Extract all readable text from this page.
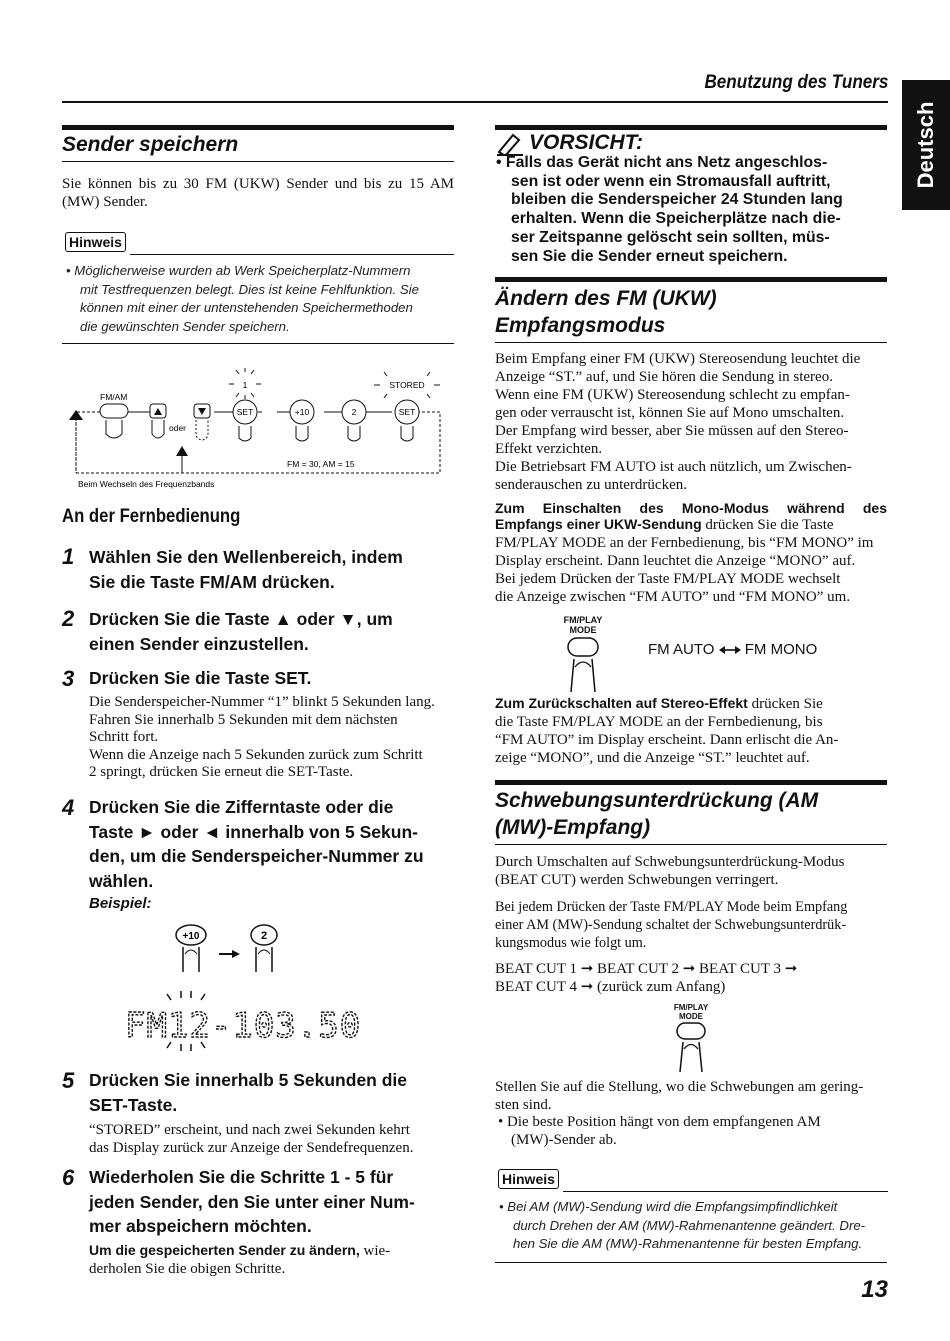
Benutzung des Tuners
Deutsch
Sender speichern
Sie können bis zu 30 FM (UKW) Sender und bis zu 15 AM (MW) Sender.
Hinweis
• Möglicherweise wurden ab Werk Speicherplatz-Nummern
mit Testfrequenzen belegt. Dies ist keine Fehlfunktion. Sie
können mit einer der untenstehenden Speichermethoden
die gewünschten Sender speichern.
FM/AM
oder
1	STORED
SET	+10	2	SET
FM = 30, AM = 15
Beim Wechseln des Frequenzbands
An der Fernbedienung
1 Wählen Sie den Wellenbereich, indem
Sie die Taste FM/AM drücken.
2 Drücken Sie die Taste ▲ oder ▼, um
einen Sender einzustellen.
3 Drücken Sie die Taste SET.
Die Senderspeicher-Nummer “1” blinkt 5 Sekunden lang.
Fahren Sie innerhalb 5 Sekunden mit dem nächsten
Schritt fort.
Wenn die Anzeige nach 5 Sekunden zurück zum Schritt
2 springt, drücken Sie erneut die SET-Taste.
4 Drücken Sie die Zifferntaste oder die
Taste ► oder ◄ innerhalb von 5 Sekun-
den, um die Senderspeicher-Nummer zu
wählen.
Beispiel:
+10	2
FM12-103.50
5 Drücken Sie innerhalb 5 Sekunden die
SET-Taste.
“STORED” erscheint, und nach zwei Sekunden kehrt
das Display zurück zur Anzeige der Sendefrequenzen.
6 Wiederholen Sie die Schritte 1 - 5 für
jeden Sender, den Sie unter einer Num-
mer abspeichern möchten.
Um die gespeicherten Sender zu ändern, wie-
derholen Sie die obigen Schritte.
VORSICHT:
• Falls das Gerät nicht ans Netz angeschlos-
sen ist oder wenn ein Stromausfall auftritt,
bleiben die Senderspeicher 24 Stunden lang
erhalten. Wenn die Speicherplätze nach die-
ser Zeitspanne gelöscht sein sollten, müs-
sen Sie die Sender erneut speichern.
Ändern des FM (UKW)
Empfangsmodus
Beim Empfang einer FM (UKW) Stereosendung leuchtet die
Anzeige “ST.” auf, und Sie hören die Sendung in stereo.
Wenn eine FM (UKW) Stereosendung schlecht zu empfan-
gen oder verrauscht ist, können Sie auf Mono umschalten.
Der Empfang wird besser, aber Sie müssen auf den Stereo-
Effekt verzichten.
Die Betriebsart FM AUTO ist auch nützlich, um Zwischen-
senderauschen zu unterdrücken.
Zum Einschalten des Mono-Modus während des
Empfangs einer UKW-Sendung drücken Sie die Taste
FM/PLAY MODE an der Fernbedienung, bis “FM MONO” im
Display erscheint. Dann leuchtet die Anzeige “MONO” auf.
Bei jedem Drücken der Taste FM/PLAY MODE wechselt
die Anzeige zwischen “FM AUTO” und “FM MONO” um.
FM/PLAY
MODE
FM AUTO FM MONO
Zum Zurückschalten auf Stereo-Effekt drücken Sie
die Taste FM/PLAY MODE an der Fernbedienung, bis
“FM AUTO” im Display erscheint. Dann erlischt die An-
zeige “MONO”, und die Anzeige “ST.” leuchtet auf.
Schwebungsunterdrückung (AM
(MW)-Empfang)
Durch Umschalten auf Schwebungsunterdrückung-Modus
(BEAT CUT) werden Schwebungen verringert.
Bei jedem Drücken der Taste FM/PLAY Mode beim Empfang
einer AM (MW)-Sendung schaltet der Schwebungsunterdrük-
kungsmodus wie folgt um.
BEAT CUT 1 ➞ BEAT CUT 2 ➞ BEAT CUT 3 ➞
BEAT CUT 4 ➞ (zurück zum Anfang)
FM/PLAY
MODE
Stellen Sie auf die Stellung, wo die Schwebungen am gering-
sten sind.
• Die beste Position hängt von dem empfangenen AM
(MW)-Sender ab.
Hinweis
• Bei AM (MW)-Sendung wird die Empfangsimpfindlichkeit
durch Drehen der AM (MW)-Rahmenantenne geändert. Dre-
hen Sie die AM (MW)-Rahmenantenne für besten Empfang.
13
